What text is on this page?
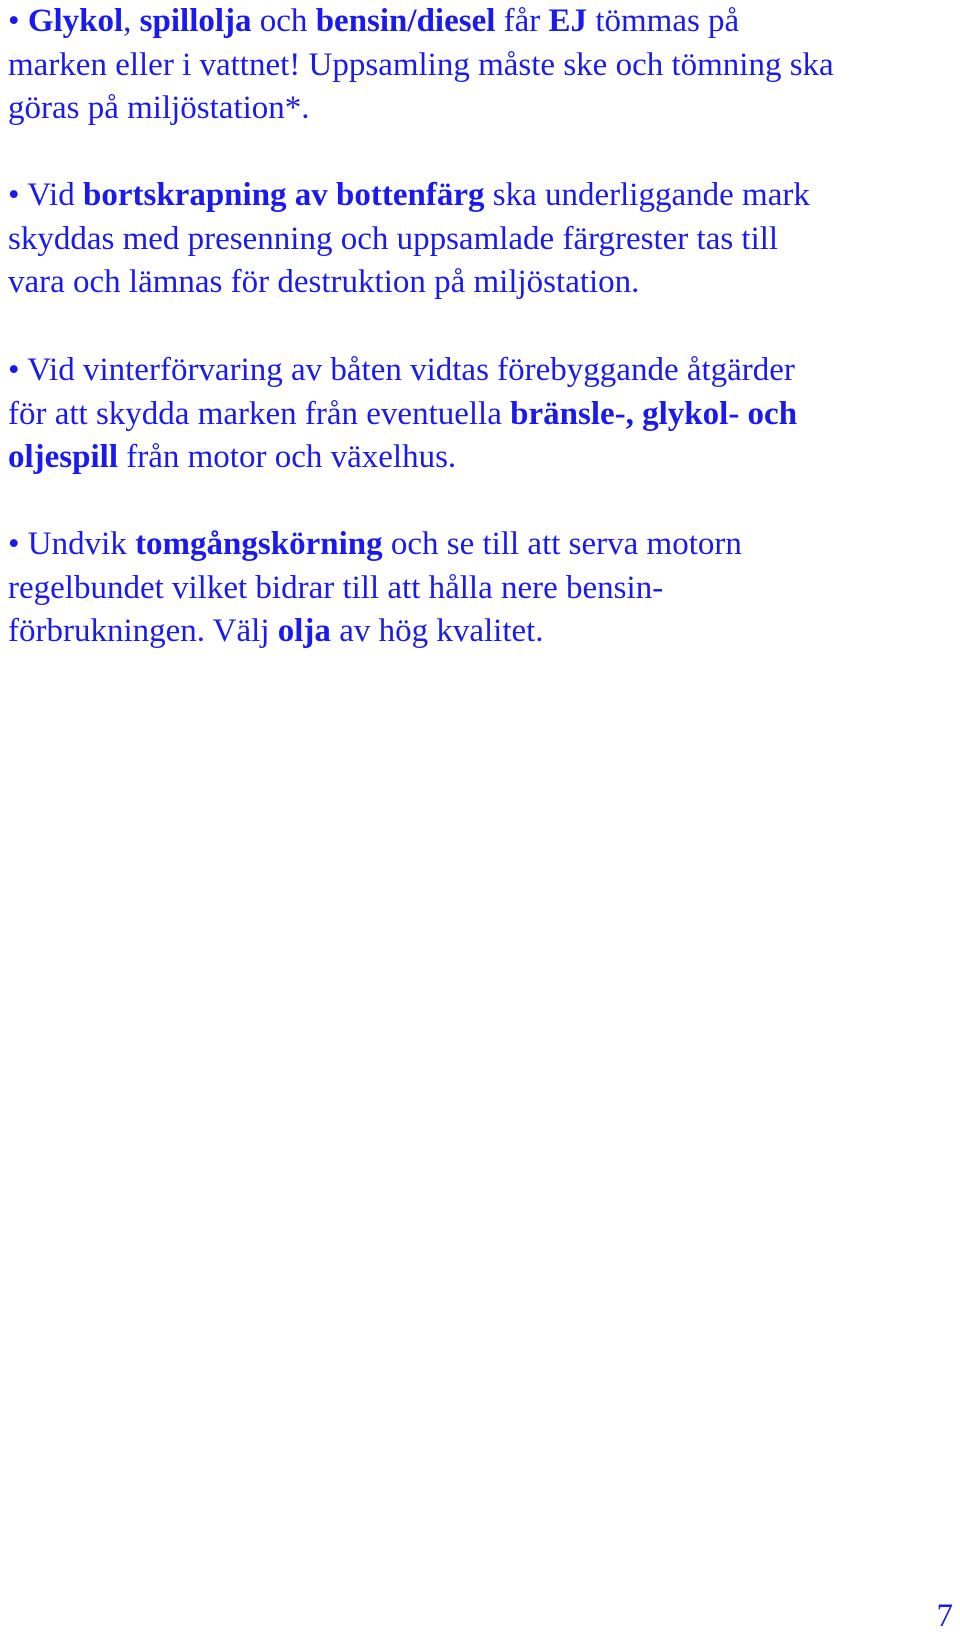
• Glykol, spillolja och bensin/diesel får EJ tömmas på
marken eller i vattnet! Uppsamling måste ske och tömning ska
göras på miljöstation*.

• Vid bortskrapning av bottenfärg ska underliggande mark
skyddas med presenning och uppsamlade färgrester tas till
vara och lämnas för destruktion på miljöstation.

• Vid vinterförvaring av båten vidtas förebyggande åtgärder
för att skydda marken från eventuella bränsle-, glykol- och
oljespill från motor och växelhus.

• Undvik tomgångskörning och se till att serva motorn
regelbundet vilket bidrar till att hålla nere bensin-
förbrukningen. Välj olja av hög kvalitet.

7
